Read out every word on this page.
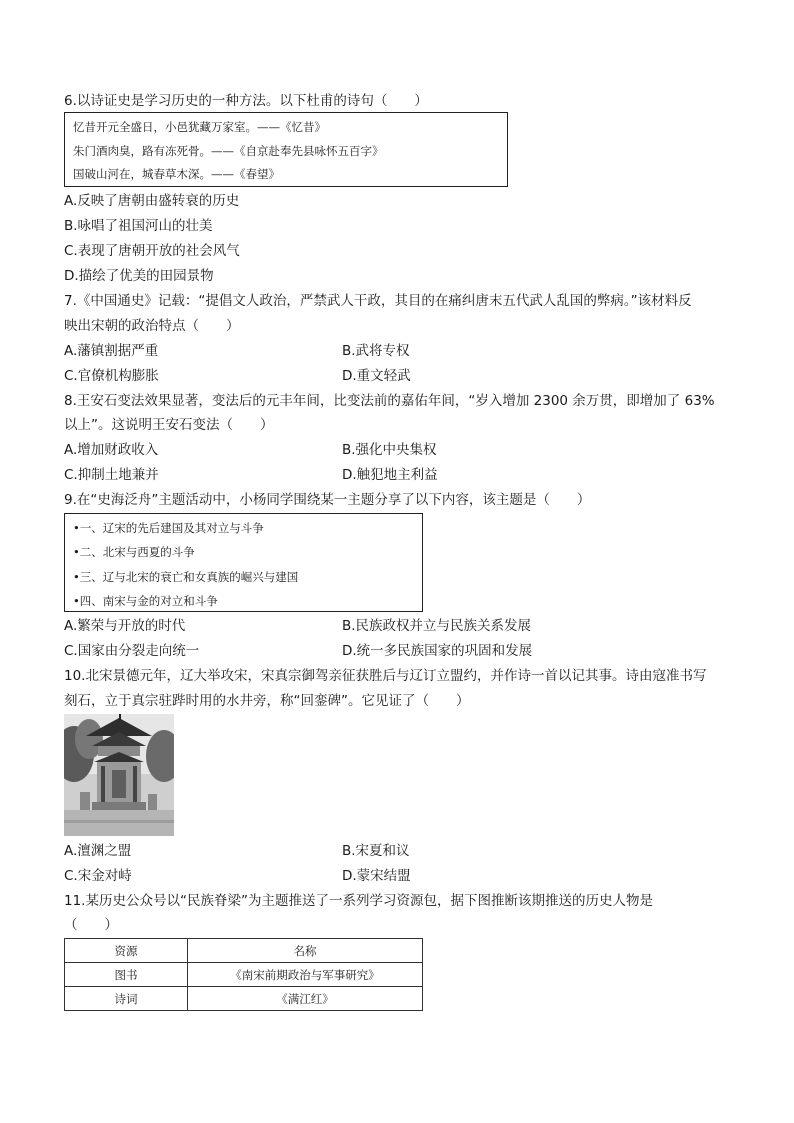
6.以诗证史是学习历史的一种方法。以下杜甫的诗句（　　）
忆昔开元全盛日，小邑犹藏万家室。——《忆昔》
朱门酒肉臭，路有冻死骨。——《自京赴奉先县咏怀五百字》
国破山河在，城春草木深。——《春望》
A.反映了唐朝由盛转衰的历史
B.咏唱了祖国河山的壮美
C.表现了唐朝开放的社会风气
D.描绘了优美的田园景物
7.《中国通史》记载：“提倡文人政治，严禁武人干政，其目的在痛纠唐末五代武人乱国的弊病。”该材料反
映出宋朝的政治特点（　　）
A.藩镇割据严重	B.武将专权
C.官僚机构膨胀	D.重文轻武
8.王安石变法效果显著，变法后的元丰年间，比变法前的嘉佑年间，“岁入增加 2300 余万贯，即增加了 63%
以上”。这说明王安石变法（　　）
A.增加财政收入	B.强化中央集权
C.抑制土地兼并	D.触犯地主利益
9.在“史海泛舟”主题活动中，小杨同学围绕某一主题分享了以下内容，该主题是（　　）
•一、辽宋的先后建国及其对立与斗争
•二、北宋与西夏的斗争
•三、辽与北宋的衰亡和女真族的崛兴与建国
•四、南宋与金的对立和斗争
A.繁荣与开放的时代	B.民族政权并立与民族关系发展
C.国家由分裂走向统一	D.统一多民族国家的巩固和发展
10.北宋景德元年，辽大举攻宋，宋真宗御驾亲征获胜后与辽订立盟约，并作诗一首以记其事。诗由寇准书写
刻石，立于真宗驻跸时用的水井旁，称“回銮碑”。它见证了（　　）
A.澶渊之盟	B.宋夏和议
C.宋金对峙	D.蒙宋结盟
11.某历史公众号以“民族脊梁”为主题推送了一系列学习资源包，据下图推断该期推送的历史人物是
（　　）
资源	名称
图书	《南宋前期政治与军事研究》
诗词	《满江红》
